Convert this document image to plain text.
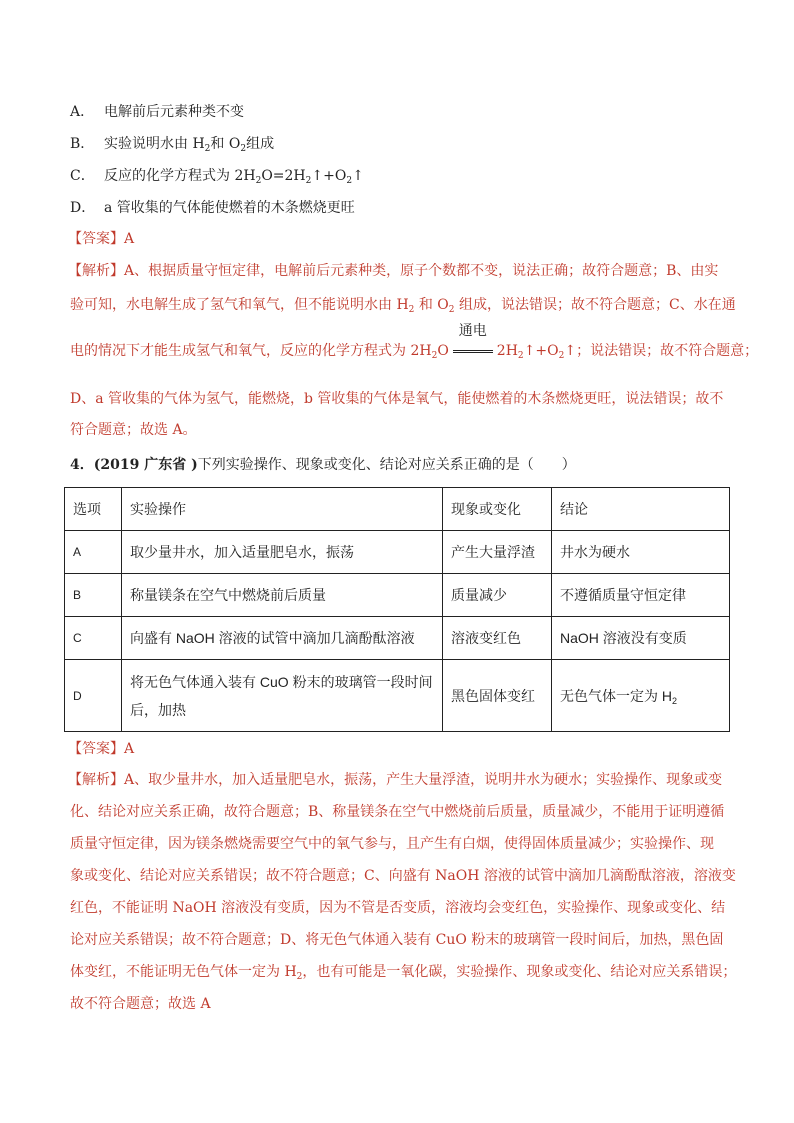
A． 电解前后元素种类不变
B． 实验说明水由 $H_2$和 $O_2$组成
C． 反应的化学方程式为 $2H_2O=2H_2↑+O_2↑$
D． a 管收集的气体能使燃着的木条燃烧更旺
【答案】A
【解析】A、根据质量守恒定律，电解前后元素种类，原子个数都不变，说法正确；故符合题意；B、由实
验可知，水电解生成了氢气和氧气，但不能说明水由 $H_2$ 和 $O_2$ 组成，说法错误；故不符合题意；C、水在通
电的情况下才能生成氢气和氧气，反应的化学方程式为 $2H_2O$
通电
$2H_2↑+O_2↑$；说法错误；故不符合题意；
D、a 管收集的气体为氢气，能燃烧，b 管收集的气体是氧气，能使燃着的木条燃烧更旺，说法错误；故不
符合题意；故选 A。
4．(2019 广东省 )下列实验操作、现象或变化、结论对应关系正确的是（　　）
选项	实验操作	现象或变化	结论
A	取少量井水，加入适量肥皂水，振荡	产生大量浮渣	井水为硬水
B	称量镁条在空气中燃烧前后质量	质量减少	不遵循质量守恒定律
C	向盛有 NaOH 溶液的试管中滴加几滴酚酞溶液	溶液变红色	NaOH 溶液没有变质
D	将无色气体通入装有 CuO 粉末的玻璃管一段时间
后，加热	黑色固体变红	无色气体一定为 $H_2$
【答案】A
【解析】A、取少量井水，加入适量肥皂水，振荡，产生大量浮渣，说明井水为硬水；实验操作、现象或变
化、结论对应关系正确，故符合题意；B、称量镁条在空气中燃烧前后质量，质量减少，不能用于证明遵循
质量守恒定律，因为镁条燃烧需要空气中的氧气参与，且产生有白烟，使得固体质量减少；实验操作、现
象或变化、结论对应关系错误；故不符合题意；C、向盛有 NaOH 溶液的试管中滴加几滴酚酞溶液，溶液变
红色，不能证明 NaOH 溶液没有变质，因为不管是否变质，溶液均会变红色，实验操作、现象或变化、结
论对应关系错误；故不符合题意；D、将无色气体通入装有 CuO 粉末的玻璃管一段时间后，加热，黑色固
体变红，不能证明无色气体一定为 $H_2$，也有可能是一氧化碳，实验操作、现象或变化、结论对应关系错误；
故不符合题意；故选 A
